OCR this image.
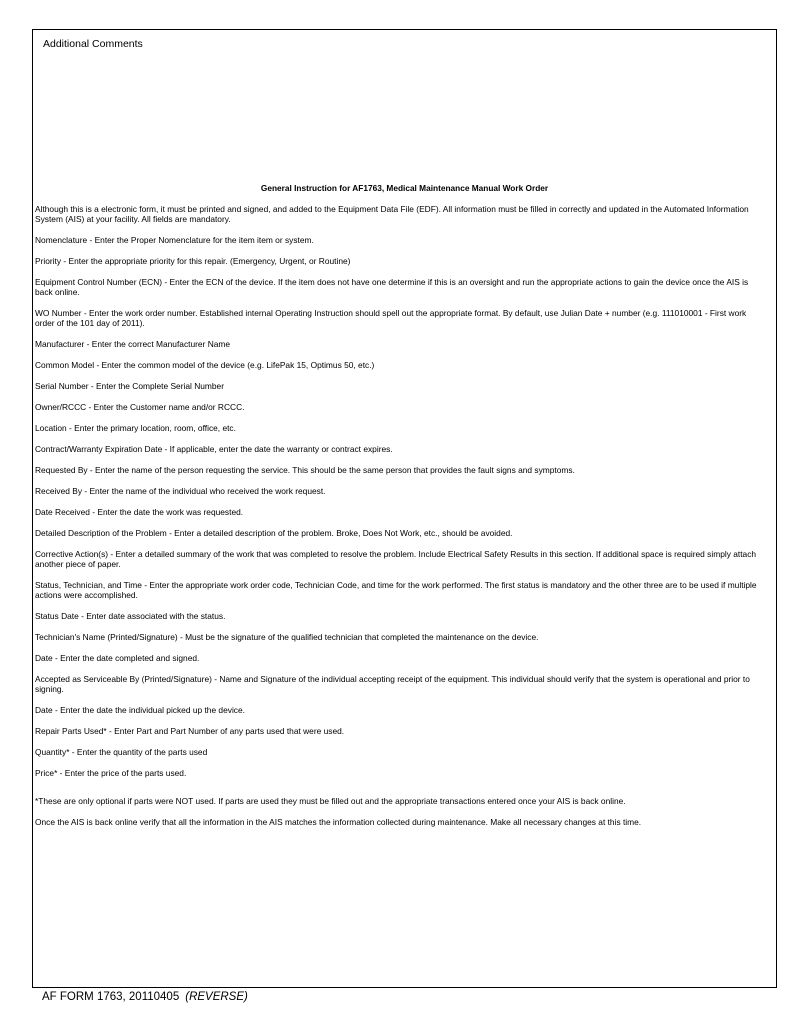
Additional Comments
General Instruction for AF1763, Medical Maintenance Manual Work Order
Although this is a electronic form, it must be printed and signed, and added to the Equipment Data File (EDF). All information must be filled in correctly and updated in the Automated Information System (AIS) at your facility. All fields are mandatory.
Nomenclature - Enter the Proper Nomenclature for the item item or system.
Priority - Enter the appropriate priority for this repair. (Emergency, Urgent, or Routine)
Equipment Control Number (ECN) - Enter the ECN of the device. If the item does not have one determine if this is an oversight and run the appropriate actions to gain the device once the AIS is back online.
WO Number - Enter the work order number. Established internal Operating Instruction should spell out the appropriate format. By default, use Julian Date + number (e.g. 111010001 - First work order of the 101 day of 2011).
Manufacturer - Enter the correct Manufacturer Name
Common Model - Enter the common model of the device (e.g. LifePak 15, Optimus 50, etc.)
Serial Number - Enter the Complete Serial Number
Owner/RCCC - Enter the Customer name and/or RCCC.
Location - Enter the primary location, room, office, etc.
Contract/Warranty Expiration Date - If applicable, enter the date the warranty or contract expires.
Requested By - Enter the name of the person requesting the service. This should be the same person that provides the fault signs and symptoms.
Received By - Enter the name of the individual who received the work request.
Date Received - Enter the date the work was requested.
Detailed Description of the Problem - Enter a detailed description of the problem. Broke, Does Not Work, etc., should be avoided.
Corrective Action(s) - Enter a detailed summary of the work that was completed to resolve the problem. Include Electrical Safety Results in this section. If additional space is required simply attach another piece of paper.
Status, Technician, and Time - Enter the appropriate work order code, Technician Code, and time for the work performed. The first status is mandatory and the other three are to be used if multiple actions were accomplished.
Status Date - Enter date associated with the status.
Technician's Name (Printed/Signature) - Must be the signature of the qualified technician that completed the maintenance on the device.
Date - Enter the date completed and signed.
Accepted as Serviceable By (Printed/Signature) - Name and Signature of the individual accepting receipt of the equipment. This individual should verify that the system is operational and prior to signing.
Date - Enter the date the individual picked up the device.
Repair Parts Used* - Enter Part and Part Number of any parts used that were used.
Quantity* - Enter the quantity of the parts used
Price* - Enter the price of the parts used.
*These are only optional if parts were NOT used. If parts are used they must be filled out and the appropriate transactions entered once your AIS is back online.
Once the AIS is back online verify that all the information in the AIS matches the information collected during maintenance. Make all necessary changes at this time.
AF FORM 1763, 20110405 (REVERSE)
